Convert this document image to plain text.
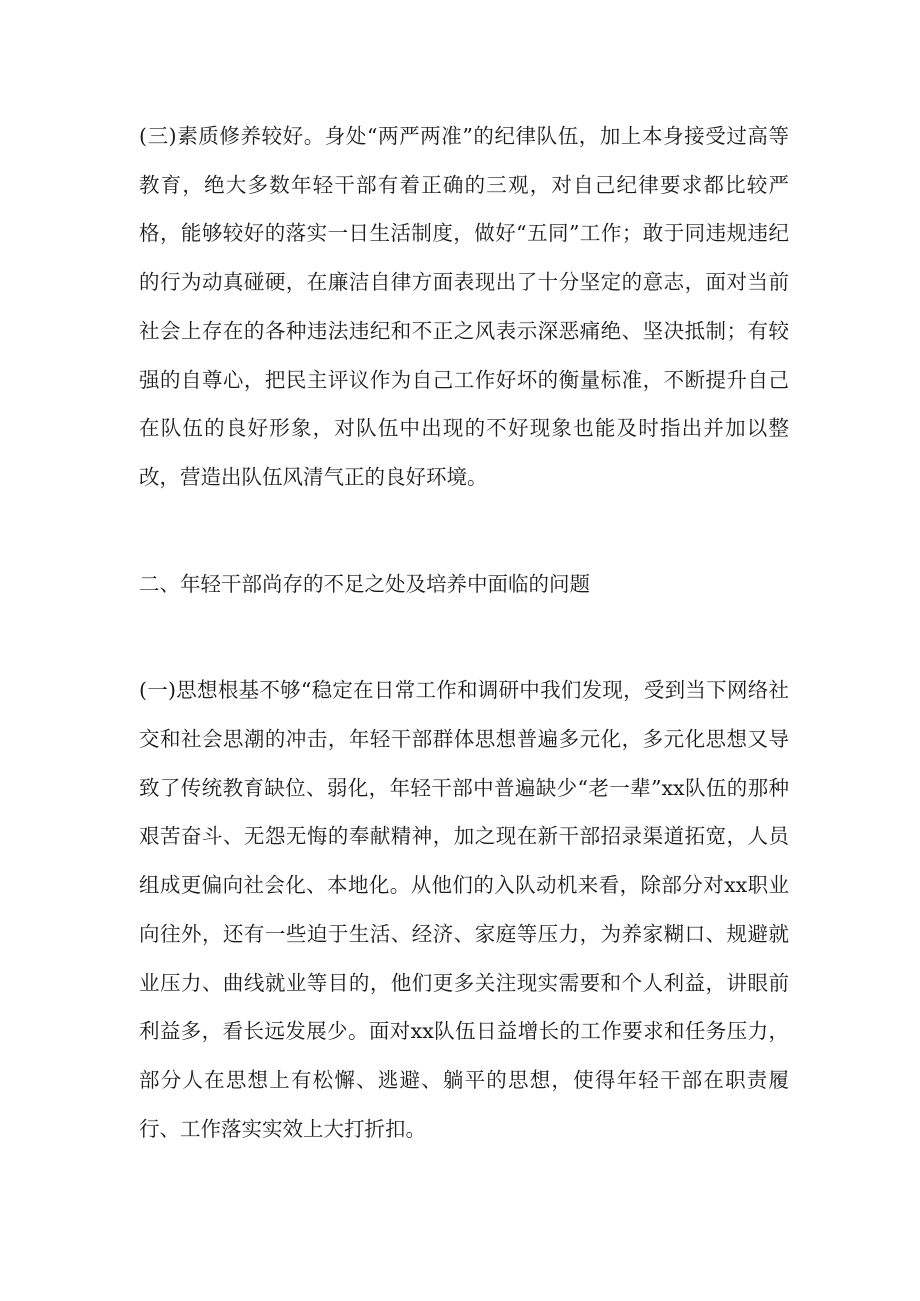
(三)素质修养较好。身处“两严两准”的纪律队伍，加上本身接受过高等教育，绝大多数年轻干部有着正确的三观，对自己纪律要求都比较严格，能够较好的落实一日生活制度，做好“五同”工作；敢于同违规违纪的行为动真碰硬，在廉洁自律方面表现出了十分坚定的意志，面对当前社会上存在的各种违法违纪和不正之风表示深恶痛绝、坚决抵制；有较强的自尊心，把民主评议作为自己工作好坏的衡量标准，不断提升自己在队伍的良好形象，对队伍中出现的不好现象也能及时指出并加以整改，营造出队伍风清气正的良好环境。

二、年轻干部尚存的不足之处及培养中面临的问题

(一)思想根基不够“稳定在日常工作和调研中我们发现，受到当下网络社交和社会思潮的冲击，年轻干部群体思想普遍多元化，多元化思想又导致了传统教育缺位、弱化，年轻干部中普遍缺少“老一辈”xx队伍的那种艰苦奋斗、无怨无悔的奉献精神，加之现在新干部招录渠道拓宽，人员组成更偏向社会化、本地化。从他们的入队动机来看，除部分对xx职业向往外，还有一些迫于生活、经济、家庭等压力，为养家糊口、规避就业压力、曲线就业等目的，他们更多关注现实需要和个人利益，讲眼前利益多，看长远发展少。面对xx队伍日益增长的工作要求和任务压力，部分人在思想上有松懈、逃避、躺平的思想，使得年轻干部在职责履行、工作落实实效上大打折扣。
